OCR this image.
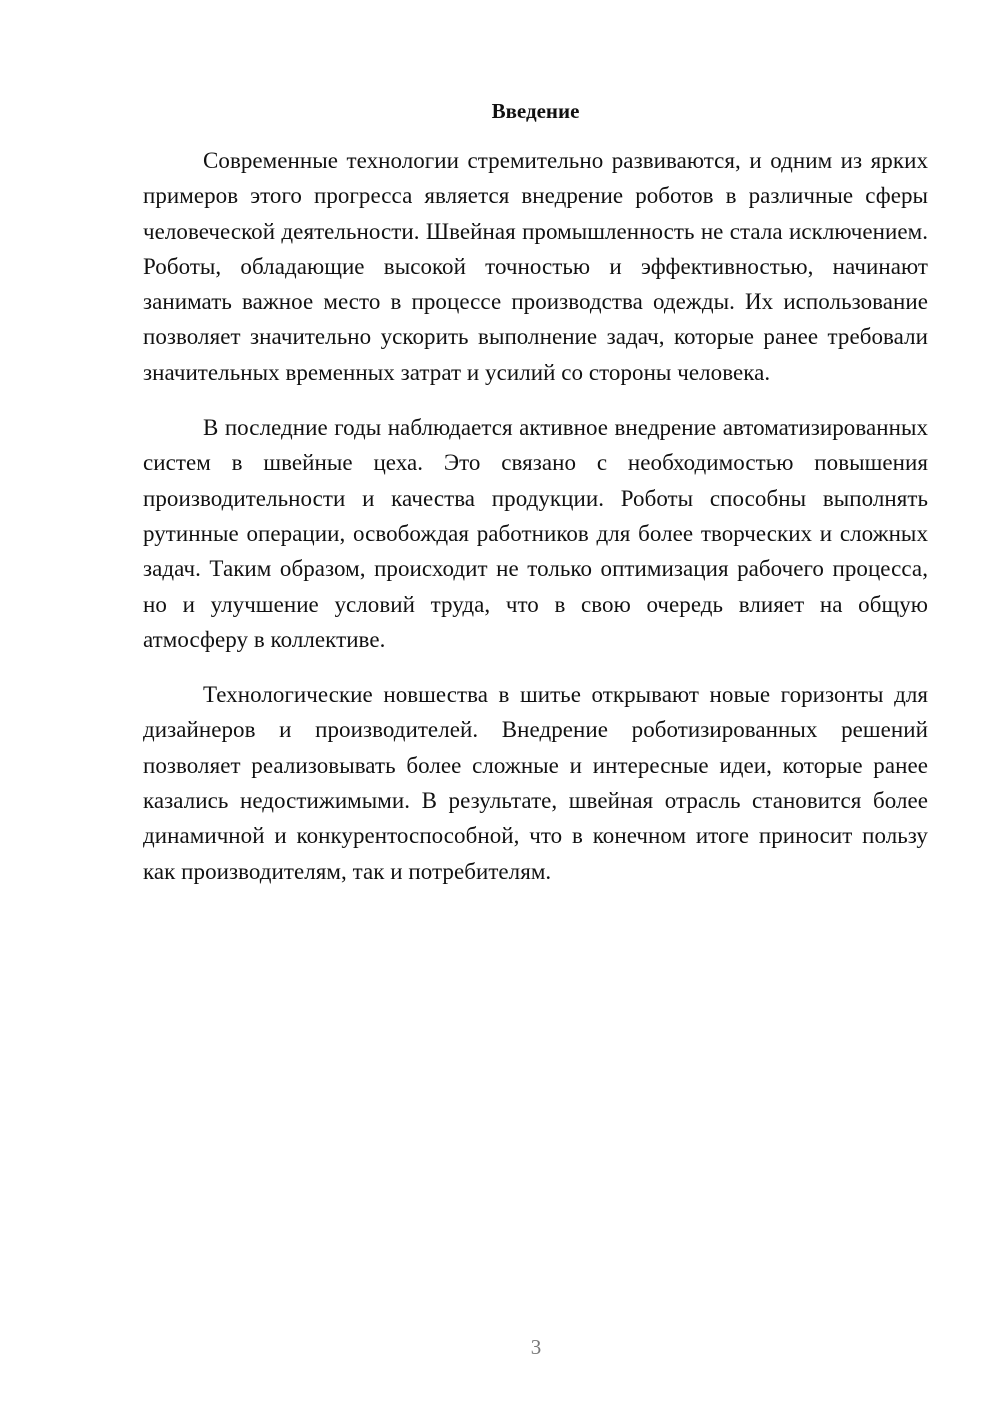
Введение

Современные технологии стремительно развиваются, и одним из ярких примеров этого прогресса является внедрение роботов в различные сферы человеческой деятельности. Швейная промышленность не стала исключением. Роботы, обладающие высокой точностью и эффективностью, начинают занимать важное место в процессе производства одежды. Их использование позволяет значительно ускорить выполнение задач, которые ранее требовали значительных временных затрат и усилий со стороны человека.

В последние годы наблюдается активное внедрение автоматизированных систем в швейные цеха. Это связано с необходимостью повышения производительности и качества продукции. Роботы способны выполнять рутинные операции, освобождая работников для более творческих и сложных задач. Таким образом, происходит не только оптимизация рабочего процесса, но и улучшение условий труда, что в свою очередь влияет на общую атмосферу в коллективе.

Технологические новшества в шитье открывают новые горизонты для дизайнеров и производителей. Внедрение роботизированных решений позволяет реализовывать более сложные и интересные идеи, которые ранее казались недостижимыми. В результате, швейная отрасль становится более динамичной и конкурентоспособной, что в конечном итоге приносит пользу как производителям, так и потребителям.

3
